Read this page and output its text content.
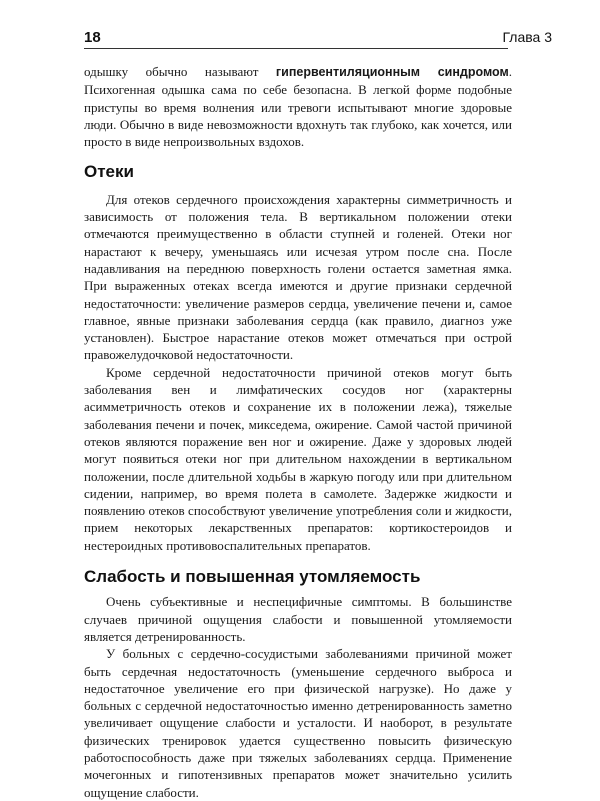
18	Глава 3

одышку обычно называют гипервентиляционным синдромом. Психогенная одышка сама по себе безопасна. В легкой форме подобные приступы во время волнения или тревоги испытывают многие здоровые люди. Обычно в виде невозможности вдохнуть так глубоко, как хочется, или просто в виде непроизвольных вздохов.

Отеки

Для отеков сердечного происхождения характерны симметричность и зависимость от положения тела. В вертикальном положении отеки отмечаются преимущественно в области ступней и голеней. Отеки ног нарастают к вечеру, уменьшаясь или исчезая утром после сна. После надавливания на переднюю поверхность голени остается заметная ямка. При выраженных отеках всегда имеются и другие признаки сердечной недостаточности: увеличение размеров сердца, увеличение печени и, самое главное, явные признаки заболевания сердца (как правило, диагноз уже установлен). Быстрое нарастание отеков может отмечаться при острой правожелудочковой недостаточности.

Кроме сердечной недостаточности причиной отеков могут быть заболевания вен и лимфатических сосудов ног (характерны асимметричность отеков и сохранение их в положении лежа), тяжелые заболевания печени и почек, микседема, ожирение. Самой частой причиной отеков являются поражение вен ног и ожирение. Даже у здоровых людей могут появиться отеки ног при длительном нахождении в вертикальном положении, после длительной ходьбы в жаркую погоду или при длительном сидении, например, во время полета в самолете. Задержке жидкости и появлению отеков способствуют увеличение употребления соли и жидкости, прием некоторых лекарственных препаратов: кортикостероидов и нестероидных противовоспалительных препаратов.

Слабость и повышенная утомляемость

Очень субъективные и неспецифичные симптомы. В большинстве случаев причиной ощущения слабости и повышенной утомляемости является детренированность.

У больных с сердечно-сосудистыми заболеваниями причиной может быть сердечная недостаточность (уменьшение сердечного выброса и недостаточное увеличение его при физической нагрузке). Но даже у больных с сердечной недостаточностью именно детренированность заметно увеличивает ощущение слабости и усталости. И наоборот, в результате физических тренировок удается существенно повысить физическую работоспособность даже при тяжелых заболеваниях сердца. Применение мочегонных и гипотензивных препаратов может значительно усилить ощущение слабости.
